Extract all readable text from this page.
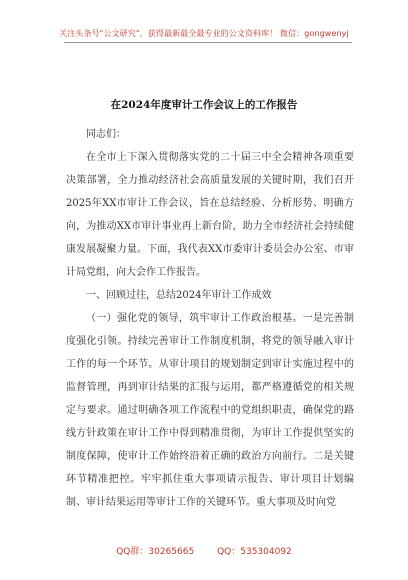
关注头条号"公文研究"，获得最新最全最专业的公文资料库！ 微信：gongwenyj
在2024年度审计工作会议上的工作报告

同志们：

在全市上下深入贯彻落实党的二十届三中全会精神各项重要决策部署，全力推动经济社会高质量发展的关键时期，我们召开2025年XX市审计工作会议，旨在总结经验、分析形势、明确方向，为推动XX市审计事业再上新台阶，助力全市经济社会持续健康发展凝聚力量。下面，我代表XX市委审计委员会办公室、市审计局党组，向大会作工作报告。

一、回顾过往，总结2024年审计工作成效

（一）强化党的领导，筑牢审计工作政治根基。一是完善制度强化引领。持续完善审计工作制度机制，将党的领导融入审计工作的每一个环节。从审计项目的规划制定到审计实施过程中的监督管理，再到审计结果的汇报与运用，都严格遵循党的相关规定与要求。通过明确各项工作流程中的党组织职责，确保党的路线方针政策在审计工作中得到精准贯彻，为审计工作提供坚实的制度保障，使审计工作始终沿着正确的政治方向前行。二是关键环节精准把控。牢牢抓住重大事项请示报告、审计项目计划编制、审计结果运用等审计工作的关键环节。重大事项及时向党

QQ群：30265665	QQ：535304092
